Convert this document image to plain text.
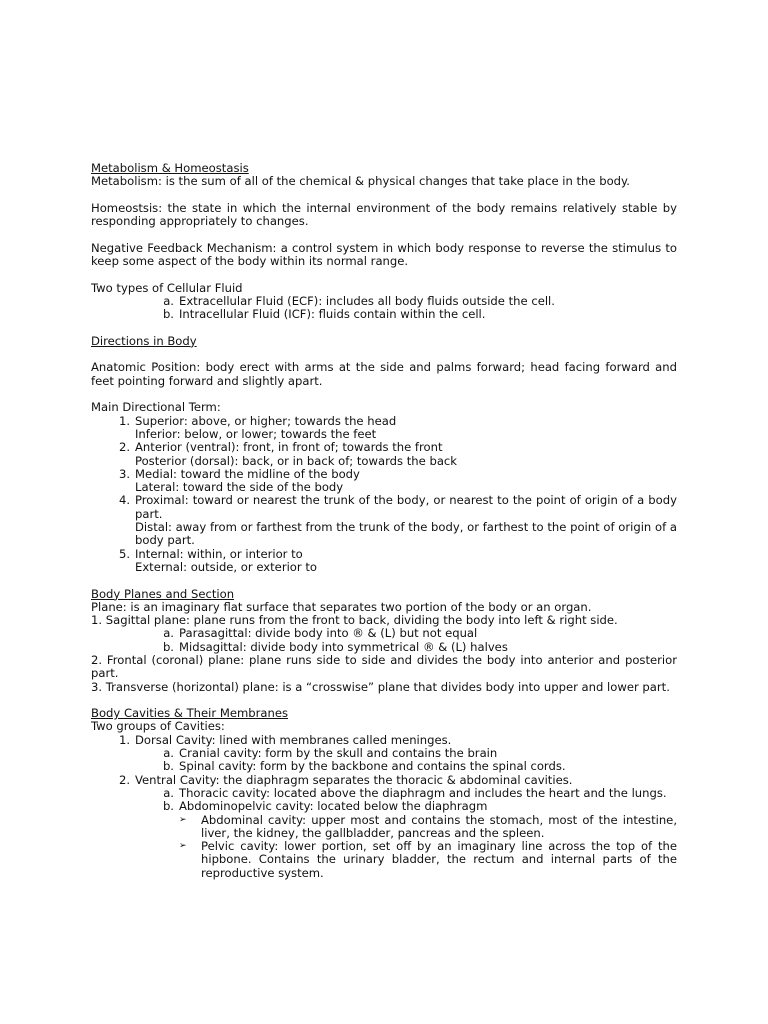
Metabolism & Homeostasis

Metabolism: is the sum of all of the chemical & physical changes that take place in the body.

Homeostsis: the state in which the internal environment of the body remains relatively stable by responding appropriately to changes.

Negative Feedback Mechanism: a control system in which body response to reverse the stimulus to keep some aspect of the body within its normal range.

Two types of Cellular Fluid

a. Extracellular Fluid (ECF): includes all body fluids outside the cell.
b. Intracellular Fluid (ICF): fluids contain within the cell.

Directions in Body

Anatomic Position: body erect with arms at the side and palms forward; head facing forward and feet pointing forward and slightly apart.

Main Directional Term:

1. Superior: above, or higher; towards the head

Inferior: below, or lower; towards the feet

2. Anterior (ventral): front, in front of; towards the front

Posterior (dorsal): back, or in back of; towards the back

3. Medial: toward the midline of the body

Lateral: toward the side of the body

4. Proximal: toward or nearest the trunk of the body, or nearest to the point of origin of a body part.

Distal: away from or farthest from the trunk of the body, or farthest to the point of origin of a body part.

5. Internal: within, or interior to

External: outside, or exterior to

Body Planes and Section

Plane: is an imaginary flat surface that separates two portion of the body or an organ.

1. Sagittal plane: plane runs from the front to back, dividing the body into left & right side.

a. Parasagittal: divide body into ® & (L) but not equal
b. Midsagittal: divide body into symmetrical ® & (L) halves

2. Frontal (coronal) plane: plane runs side to side and divides the body into anterior and posterior part.

3. Transverse (horizontal) plane: is a “crosswise” plane that divides body into upper and lower part.

Body Cavities & Their Membranes

Two groups of Cavities:

1. Dorsal Cavity: lined with membranes called meninges.
a. Cranial cavity: form by the skull and contains the brain
b. Spinal cavity: form by the backbone and contains the spinal cords.
2. Ventral Cavity: the diaphragm separates the thoracic & abdominal cavities.
a. Thoracic cavity: located above the diaphragm and includes the heart and the lungs.
b. Abdominopelvic cavity: located below the diaphragm
➢	Abdominal cavity: upper most and contains the stomach, most of the intestine, liver, the kidney, the gallbladder, pancreas and the spleen.
➢	Pelvic cavity: lower portion, set off by an imaginary line across the top of the hipbone. Contains the urinary bladder, the rectum and internal parts of the reproductive system.
